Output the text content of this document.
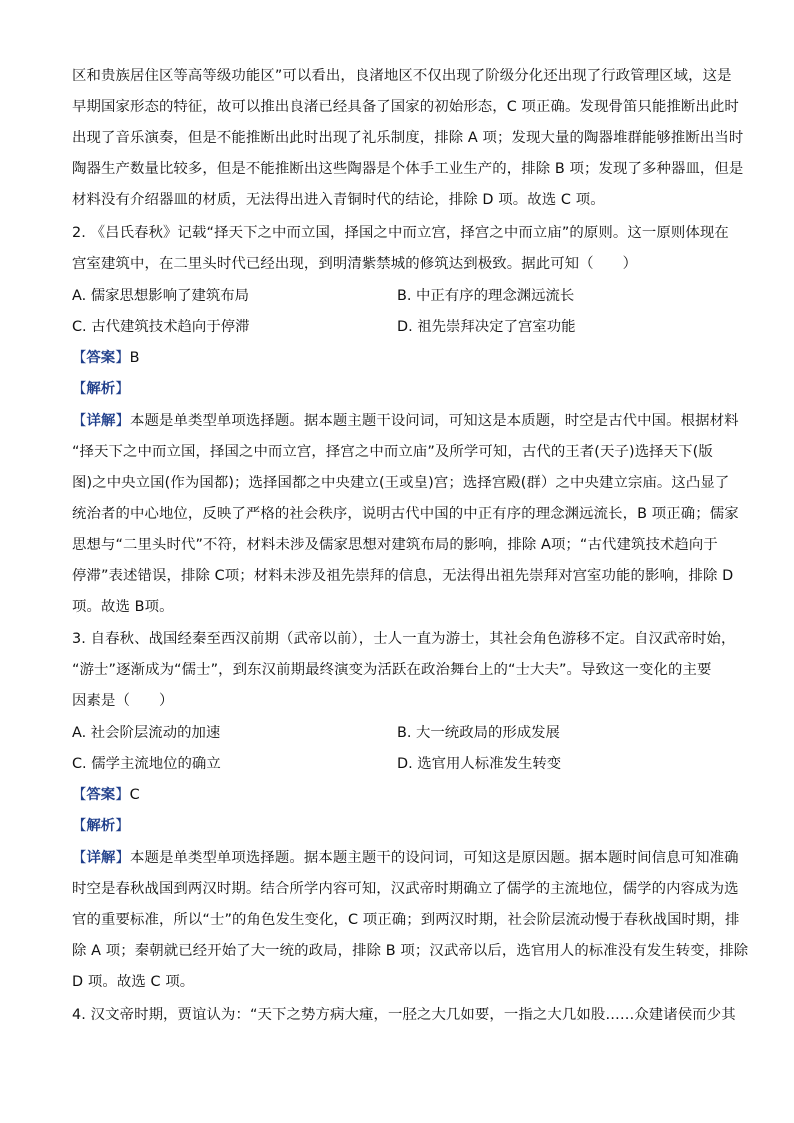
区和贵族居住区等高等级功能区”可以看出，良渚地区不仅出现了阶级分化还出现了行政管理区域，这是
早期国家形态的特征，故可以推出良渚已经具备了国家的初始形态，C 项正确。发现骨笛只能推断出此时
出现了音乐演奏，但是不能推断出此时出现了礼乐制度，排除 A 项；发现大量的陶器堆群能够推断出当时
陶器生产数量比较多，但是不能推断出这些陶器是个体手工业生产的，排除 B 项；发现了多种器皿，但是
材料没有介绍器皿的材质，无法得出进入青铜时代的结论，排除 D 项。故选 C 项。
2. 《吕氏春秋》记载“择天下之中而立国，择国之中而立宫，择宫之中而立庙”的原则。这一原则体现在
宫室建筑中，在二里头时代已经出现，到明清紫禁城的修筑达到极致。据此可知（　　）
A. 儒家思想影响了建筑布局	B. 中正有序的理念渊远流长
C. 古代建筑技术趋向于停滞	D. 祖先崇拜决定了宫室功能
【答案】B
【解析】
【详解】本题是单类型单项选择题。据本题主题干设问词，可知这是本质题，时空是古代中国。根据材料
“择天下之中而立国，择国之中而立宫，择宫之中而立庙”及所学可知，古代的王者(天子)选择天下(版
图)之中央立国(作为国都)；选择国都之中央建立(王或皇)宫；选择宫殿(群）之中央建立宗庙。这凸显了
统治者的中心地位，反映了严格的社会秩序，说明古代中国的中正有序的理念渊远流长，B 项正确；儒家
思想与“二里头时代”不符，材料未涉及儒家思想对建筑布局的影响，排除 A项；“古代建筑技术趋向于
停滞”表述错误，排除 C项；材料未涉及祖先崇拜的信息，无法得出祖先崇拜对宫室功能的影响，排除 D
项。故选 B项。
3. 自春秋、战国经秦至西汉前期（武帝以前），士人一直为游士，其社会角色游移不定。自汉武帝时始，
“游士”逐渐成为“儒士”，到东汉前期最终演变为活跃在政治舞台上的“士大夫”。导致这一变化的主要
因素是（　　）
A. 社会阶层流动的加速	B. 大一统政局的形成发展
C. 儒学主流地位的确立	D. 选官用人标准发生转变
【答案】C
【解析】
【详解】本题是单类型单项选择题。据本题主题干的设问词，可知这是原因题。据本题时间信息可知准确
时空是春秋战国到两汉时期。结合所学内容可知，汉武帝时期确立了儒学的主流地位，儒学的内容成为选
官的重要标准，所以“士”的角色发生变化，C 项正确；到两汉时期，社会阶层流动慢于春秋战国时期，排
除 A 项；秦朝就已经开始了大一统的政局，排除 B 项；汉武帝以后，选官用人的标准没有发生转变，排除
D 项。故选 C 项。
4. 汉文帝时期，贾谊认为：“天下之势方病大瘇，一胫之大几如要，一指之大几如股……众建诸侯而少其
